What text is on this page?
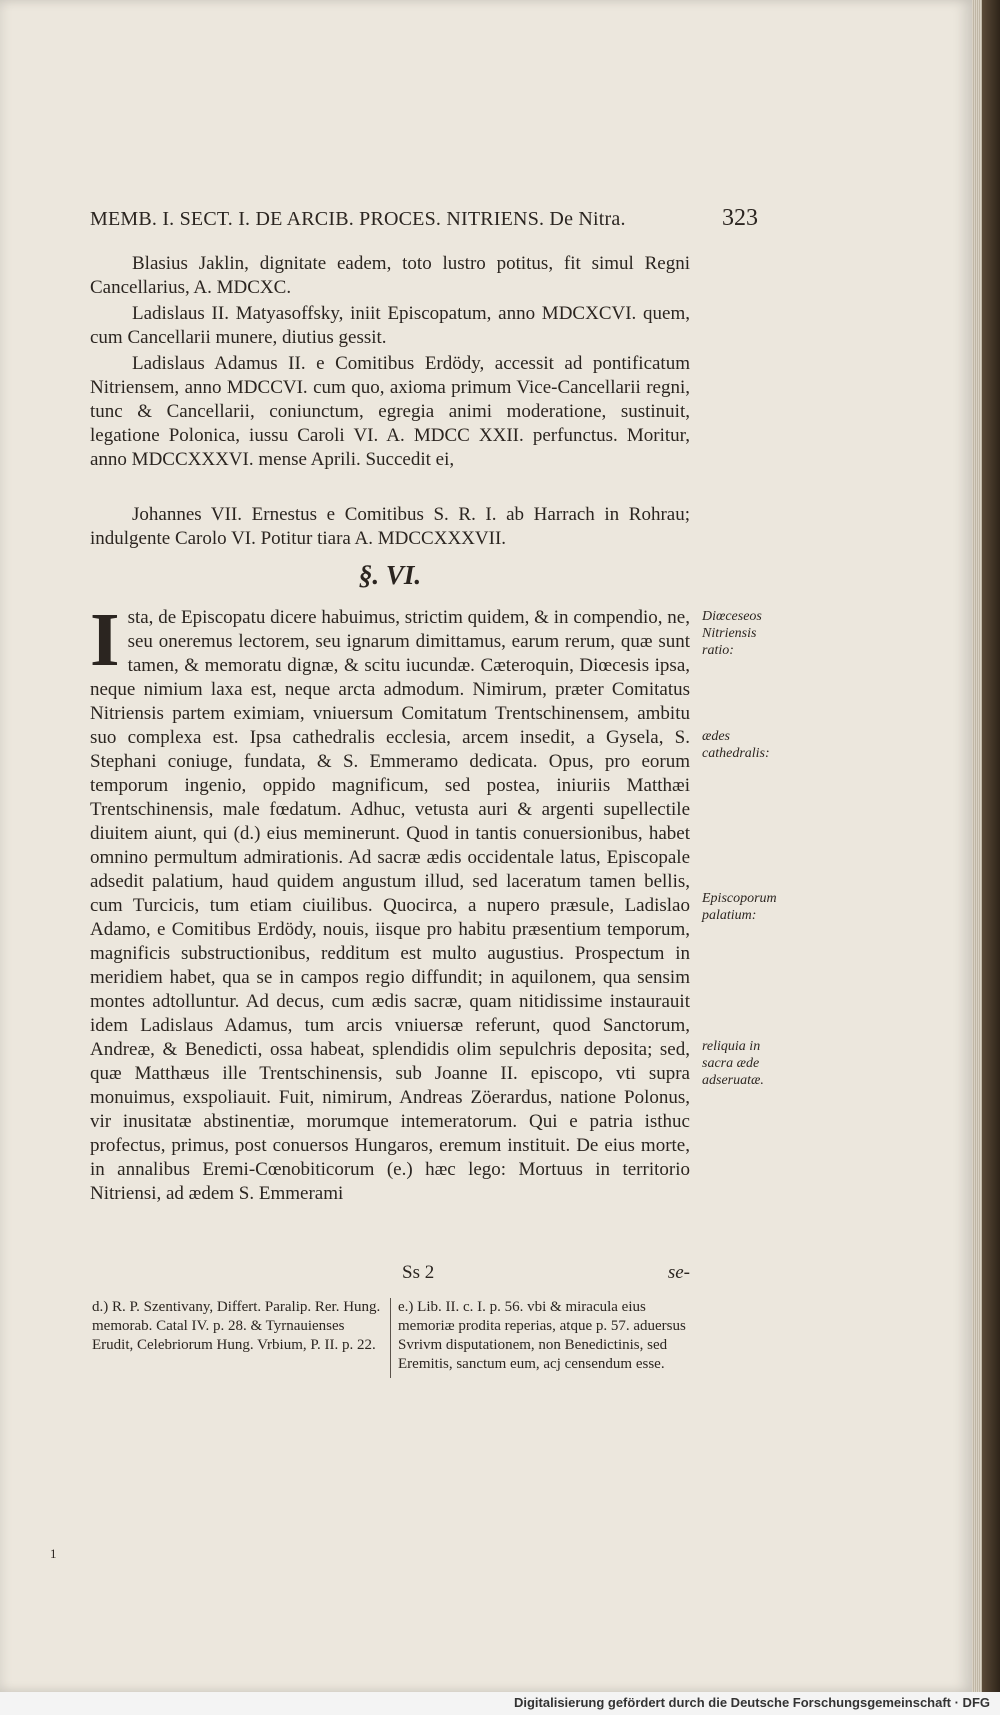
MEMB. I. SECT. I. DE ARCIB. PROCES. NITRIENS. De Nitra.	323
Blasius Jaklin, dignitate eadem, toto lustro potitus, fit simul Regni Cancellarius, A. MDCXC.
Ladislaus II. Matyasoffsky, iniit Episcopatum, anno MDCXCVI. quem, cum Cancellarii munere, diutius gessit.
Ladislaus Adamus II. e Comitibus Erdödy, accessit ad pontificatum Nitriensem, anno MDCCVI. cum quo, axioma primum Vice-Cancellarii regni, tunc & Cancellarii, coniunctum, egregia animi moderatione, sustinuit, legatione Polonica, iussu Caroli VI. A. MDCC XXII. perfunctus. Moritur, anno MDCCXXXVI. mense Aprili. Succedit ei,
Johannes VII. Ernestus e Comitibus S. R. I. ab Harrach in Rohrau; indulgente Carolo VI. Potitur tiara A. MDCCXXXVII.
§. VI.
I sta, de Episcopatu dicere habuimus, strictim quidem, & in compendio, ne, seu oneremus lectorem, seu ignarum dimittamus, earum rerum, quæ sunt tamen, & memoratu dignæ, & scitu iucundæ. Cæteroquin, Diœcesis ipsa, neque nimium laxa est, neque arcta admodum. Nimirum, præter Comitatus Nitriensis partem eximiam, vniuersum Comitatum Trentschinensem, ambitu suo complexa est. Ipsa cathedralis ecclesia, arcem insedit, a Gysela, S. Stephani coniuge, fundata, & S. Emmeramo dedicata. Opus, pro eorum temporum ingenio, oppido magnificum, sed postea, iniuriis Matthæi Trentschinensis, male fœdatum. Adhuc, vetusta auri & argenti supellectile diuitem aiunt, qui (d.) eius meminerunt. Quod in tantis conuersionibus, habet omnino permultum admirationis. Ad sacræ ædis occidentale latus, Episcopale adsedit palatium, haud quidem angustum illud, sed laceratum tamen bellis, cum Turcicis, tum etiam ciuilibus. Quocirca, a nupero præsule, Ladislao Adamo, e Comitibus Erdödy, nouis, iisque pro habitu præsentium temporum, magnificis substructionibus, redditum est multo augustius. Prospectum in meridiem habet, qua se in campos regio diffundit; in aquilonem, qua sensim montes adtolluntur. Ad decus, cum ædis sacræ, quam nitidissime instaurauit idem Ladislaus Adamus, tum arcis vniuersæ referunt, quod Sanctorum, Andreæ, & Benedicti, ossa habeat, splendidis olim sepulchris deposita; sed, quæ Matthæus ille Trentschinensis, sub Joanne II. episcopo, vti supra monuimus, exspoliauit. Fuit, nimirum, Andreas Zöerardus, natione Polonus, vir inusitatæ abstinentiæ, morumque intemeratorum. Qui e patria isthuc profectus, primus, post conuersos Hungaros, eremum instituit. De eius morte, in annalibus Eremi-Cœnobiticorum (e.) hæc lego: Mortuus in territorio Nitriensi, ad ædem S. Emmerami
Diœceseos Nitriensis ratio:
ædes cathedralis:
Episcoporum palatium:
reliquia in sacra æde adseruatæ.
Ss 2	se-
d.) R. P. Szentivany, Differt. Paralip. Rer. Hung. memorab. Catal IV. p. 28. & Tyrnauienses Erudit, Celebriorum Hung. Vrbium, P. II. p. 22.
e.) Lib. II. c. I. p. 56. vbi & miracula eius memoriæ prodita reperias, atque p. 57. aduersus Svrivm disputationem, non Benedictinis, sed Eremitis, sanctum eum, acj censendum esse.
1
Digitalisierung gefördert durch die Deutsche Forschungsgemeinschaft · DFG
